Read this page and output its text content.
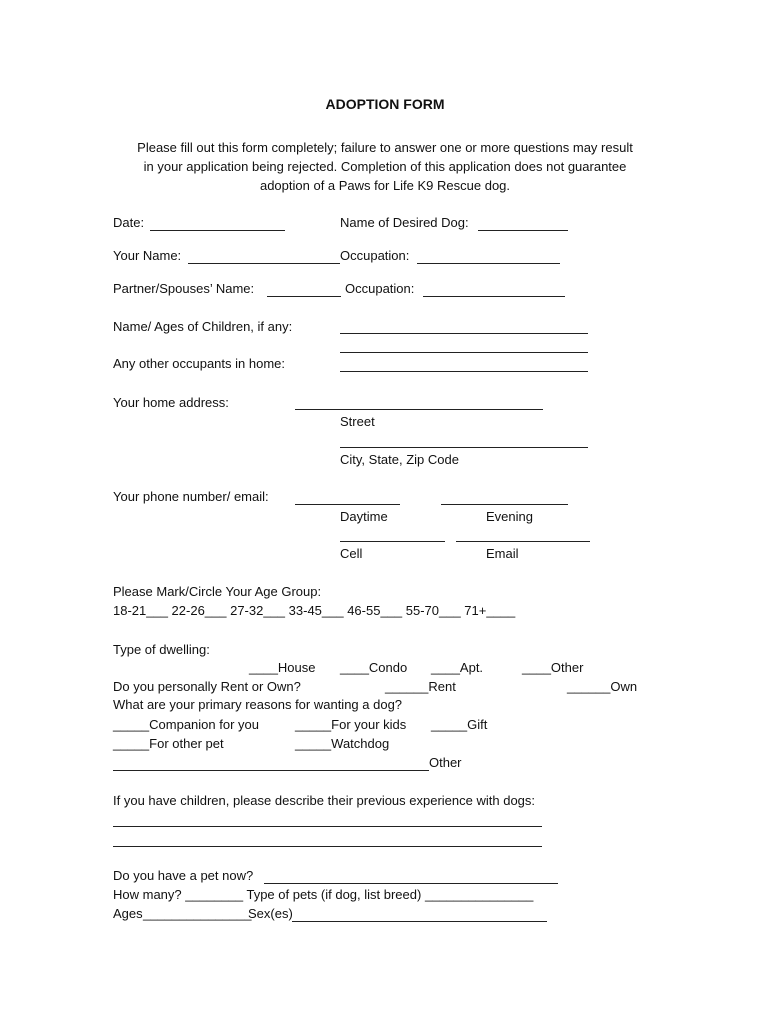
ADOPTION FORM
Please fill out this form completely; failure to answer one or more questions may result
in your application being rejected. Completion of this application does not guarantee
adoption of a Paws for Life K9 Rescue dog.
Date:	Name of Desired Dog:
Your Name:	Occupation:
Partner/Spouses’ Name:	Occupation:
Name/ Ages of Children, if any:
Any other occupants in home:
Your home address:
Street
City, State, Zip Code
Your phone number/ email:
Daytime	Evening
Cell	Email
Please Mark/Circle Your Age Group:
18-21___ 22-26___ 27-32___ 33-45___ 46-55___ 55-70___ 71+____
Type of dwelling:
____House ____Condo ____Apt.	____Other
Do you personally Rent or Own?	______Rent	______Own
What are your primary reasons for wanting a dog?
_____Companion for you	_____For your kids _____Gift
_____For other pet	_____Watchdog
Other
If you have children, please describe their previous experience with dogs:
Do you have a pet now?
How many? ________ Type of pets (if dog, list breed) _______________
Ages _______________
Sex(es)
